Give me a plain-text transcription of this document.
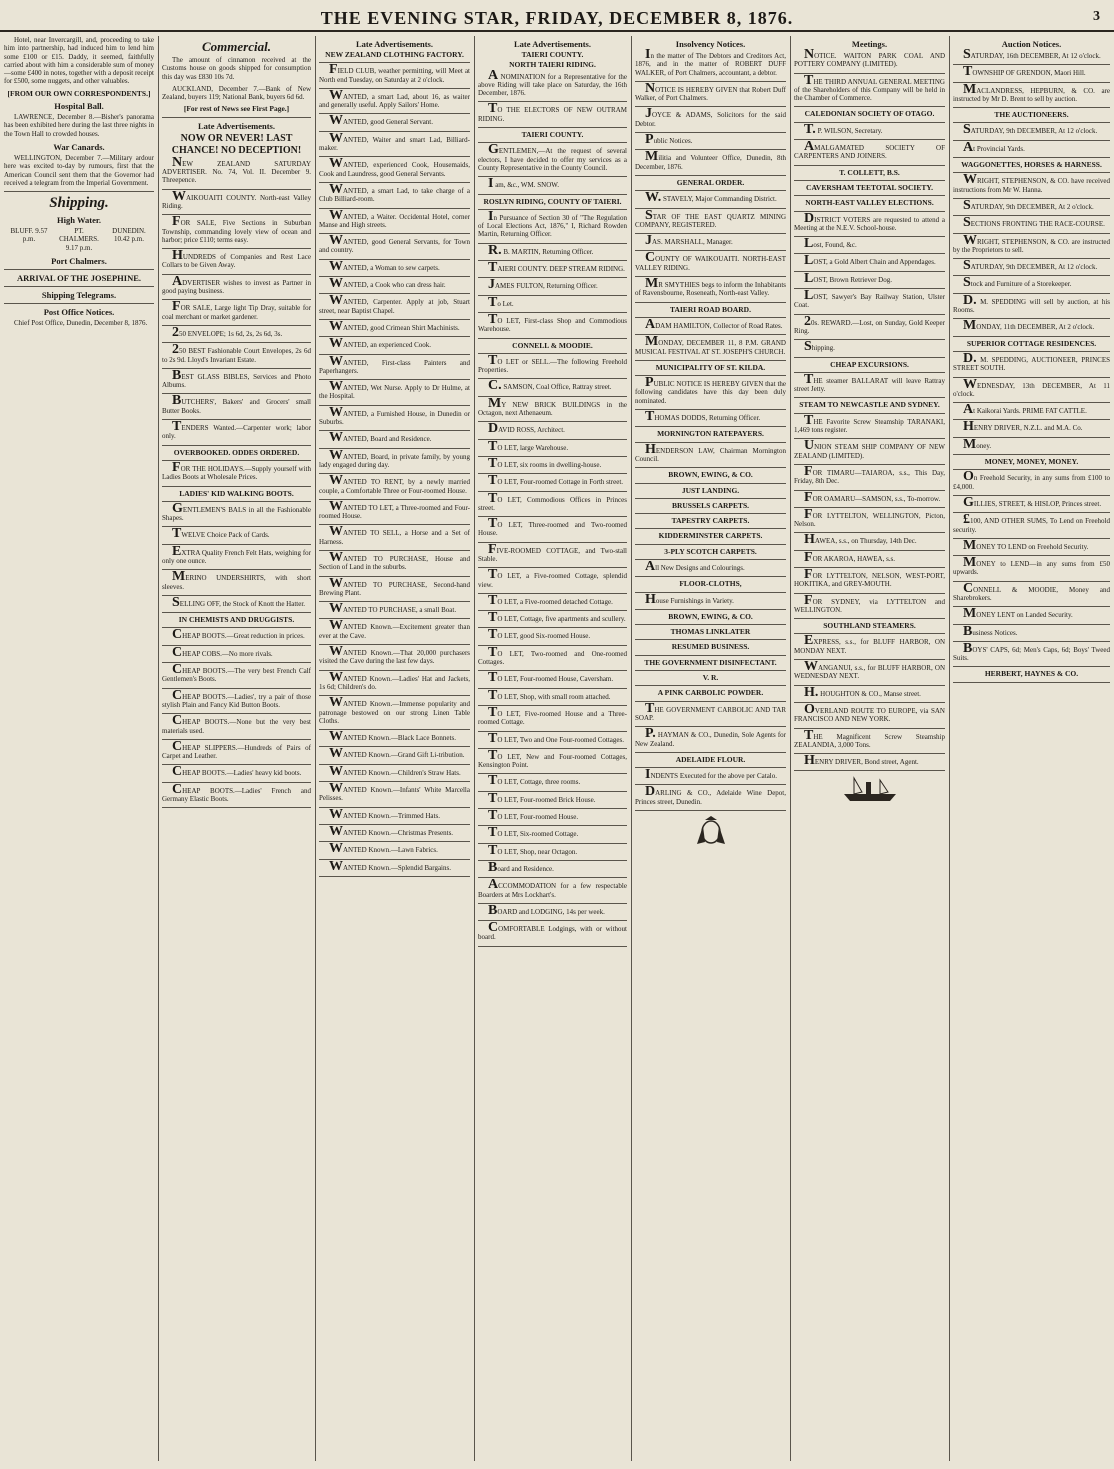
THE EVENING STAR, FRIDAY, DECEMBER 8, 1876.	3
Hotel, near Invercargill, and, proceeding to take him into partnership, had induced him to lend him some £100 or £15. Daddy, it seemed, faithfully carried about with him a considerable sum of money—some £400 in notes, together with a deposit receipt for £500, some nuggets, and other valuables.
[FROM OUR OWN CORRESPONDENTS.]
Hospital Ball.
LAWRENCE, December 8.—Bisher's panorama has been exhibited here during the last three nights in the Town Hall to crowded houses.
War Canards.
WELLINGTON, December 7.—Military ardour here was excited to-day by rumours, first that the American Council sent them that the Governor had received a telegram from the Imperial Government.
Shipping.
High Water.
BLUFF. 9.57 p.m.
PT. CHALMERS. 9.17 p.m.
DUNEDIN. 10.42 p.m.
Port Chalmers.
ARRIVAL OF THE JOSEPHINE.
Shipping Telegrams.
Post Office Notices.
Chief Post Office, Dunedin, December 8, 1876.
Commercial.
The amount of cinnamon received at the Customs house on goods shipped for consumption this day was £830 10s 7d.
AUCKLAND, December 7.—Bank of New Zealand, buyers 119; National Bank, buyers 6d 6d.
[For rest of News see First Page.]
Late Advertisements.
NOW OR NEVER! LAST CHANCE! NO DECEPTION!
NEW ZEALAND SATURDAY ADVERTISER. No. 74, Vol. II. December 9. Threepence.
WAIKOUAITI COUNTY. North-east Valley Riding.
FOR SALE, Five Sections in Suburban Township, commanding lovely view of ocean and harbor; price £110; terms easy.
HUNDREDS of Companies and Rest Lace Collars to be Given Away.
ADVERTISER wishes to invest as Partner in good paying business.
FOR SALE, Large light Tip Dray, suitable for coal merchant or market gardener.
250 ENVELOPE; 1s 6d, 2s, 2s 6d, 3s.
250 BEST Fashionable Court Envelopes, 2s 6d to 2s 9d. Lloyd's Invariant Estate.
BEST GLASS BIBLES, Services and Photo Albums.
BUTCHERS', Bakers' and Grocers' small Butter Books.
TENDERS Wanted.—Carpenter work; labor only.
OVERBOOKED. ODDES ORDERED.
FOR THE HOLIDAYS.—Supply yourself with Ladies Boots at Wholesale Prices.
LADIES' KID WALKING BOOTS.
GENTLEMEN'S BALS in all the Fashionable Shapes.
TWELVE Choice Pack of Cards.
EXTRA Quality French Felt Hats, weighing for only one ounce.
MERINO UNDERSHIRTS, with short sleeves.
SELLING OFF, the Stock of Knott the Hatter.
IN CHEMISTS AND DRUGGISTS.
CHEAP BOOTS.—Great reduction in prices.
CHEAP COBS.—No more rivals.
CHEAP BOOTS.—The very best French Calf Gentlemen's Boots.
CHEAP BOOTS.—Ladies', try a pair of those stylish Plain and Fancy Kid Button Boots.
CHEAP BOOTS.—None but the very best materials used.
CHEAP SLIPPERS.—Hundreds of Pairs of Carpet and Leather.
CHEAP BOOTS.—Ladies' heavy kid boots.
CHEAP BOOTS.—Ladies' French and Germany Elastic Boots.
Late Advertisements.
NEW ZEALAND CLOTHING FACTORY.
FIELD CLUB, weather permitting, will Meet at North end Tuesday, on Saturday at 2 o'clock.
WANTED, a smart Lad, about 16, as waiter and generally useful. Apply Sailors' Home.
WANTED, good General Servant.
WANTED, Waiter and smart Lad, Billiard-maker.
WANTED, experienced Cook, Housemaids, Cook and Laundress, good General Servants.
WANTED, a smart Lad, to take charge of a Club Billiard-room.
WANTED, a Waiter. Occidental Hotel, corner Manse and High streets.
WANTED, good General Servants, for Town and country.
WANTED, a Woman to sew carpets.
WANTED, a Cook who can dress hair.
WANTED, Carpenter. Apply at job, Stuart street, near Baptist Chapel.
WANTED, good Crimean Shirt Machinists.
WANTED, an experienced Cook.
WANTED, First-class Painters and Paperhangers.
WANTED, Wet Nurse. Apply to Dr Hulme, at the Hospital.
WANTED, a Furnished House, in Dunedin or Suburbs.
WANTED, Board and Residence.
WANTED, Board, in private family, by young lady engaged during day.
WANTED TO RENT, by a newly married couple, a Comfortable Three or Four-roomed House.
WANTED TO LET, a Three-roomed and Four-roomed House.
WANTED TO SELL, a Horse and a Set of Harness.
WANTED TO PURCHASE, House and Section of Land in the suburbs.
WANTED TO PURCHASE, Second-hand Brewing Plant.
WANTED TO PURCHASE, a small Boat.
WANTED Known.—Excitement greater than ever at the Cave.
WANTED Known.—That 20,000 purchasers visited the Cave during the last few days.
WANTED Known.—Ladies' Hat and Jackets, 1s 6d; Children's do.
WANTED Known.—Immense popularity and patronage bestowed on our strong Linen Table Cloths.
WANTED Known.—Black Lace Bonnets.
WANTED Known.—Grand Gift Li-tribution.
WANTED Known.—Children's Straw Hats.
WANTED Known.—Infants' White Marcella Pelisses.
WANTED Known.—Trimmed Hats.
WANTED Known.—Christmas Presents.
WANTED Known.—Lawn Fabrics.
WANTED Known.—Splendid Bargains.
Late Advertisements.
TAIERI COUNTY.
NORTH TAIERI RIDING.
A NOMINATION for a Representative for the above Riding will take place on Saturday, the 16th December, 1876.
TO THE ELECTORS OF NEW OUTRAM RIDING.
TAIERI COUNTY.
GENTLEMEN,—At the request of several electors, I have decided to offer my services as a County Representative in the County Council.
I am, &c., WM. SNOW.
ROSLYN RIDING, COUNTY OF TAIERI.
In Pursuance of Section 30 of "The Regulation of Local Elections Act, 1876," I, Richard Rowden Martin, Returning Officer.
R. B. MARTIN, Returning Officer.
TAIERI COUNTY. DEEP STREAM RIDING.
JAMES FULTON, Returning Officer.
To Let.
TO LET, First-class Shop and Commodious Warehouse.
CONNELL & MOODIE.
TO LET or SELL.—The following Freehold Properties.
C. SAMSON, Coal Office, Rattray street.
MY NEW BRICK BUILDINGS in the Octagon, next Athenaeum.
DAVID ROSS, Architect.
TO LET, large Warehouse.
TO LET, six rooms in dwelling-house.
TO LET, Four-roomed Cottage in Forth street.
TO LET, Commodious Offices in Princes street.
TO LET, Three-roomed and Two-roomed House.
FIVE-ROOMED COTTAGE, and Two-stall Stable.
TO LET, a Five-roomed Cottage, splendid view.
TO LET, a Five-roomed detached Cottage.
TO LET, Cottage, five apartments and scullery.
TO LET, good Six-roomed House.
TO LET, Two-roomed and One-roomed Cottages.
TO LET, Four-roomed House, Caversham.
TO LET, Shop, with small room attached.
TO LET, Five-roomed House and a Three-roomed Cottage.
TO LET, Two and One Four-roomed Cottages.
TO LET, New and Four-roomed Cottages, Kensington Point.
TO LET, Cottage, three rooms.
TO LET, Four-roomed Brick House.
TO LET, Four-roomed House.
TO LET, Six-roomed Cottage.
TO LET, Shop, near Octagon.
Board and Residence.
ACCOMMODATION for a few respectable Boarders at Mrs Lockhart's.
BOARD and LODGING, 14s per week.
COMFORTABLE Lodgings, with or without board.
Insolvency Notices.
In the matter of The Debtors and Creditors Act, 1876, and in the matter of ROBERT DUFF WALKER, of Port Chalmers, accountant, a debtor.
NOTICE IS HEREBY GIVEN that Robert Duff Walker, of Port Chalmers.
JOYCE & ADAMS, Solicitors for the said Debtor.
Public Notices.
Militia and Volunteer Office, Dunedin, 8th December, 1876.
GENERAL ORDER.
W. STAVELY, Major Commanding District.
STAR OF THE EAST QUARTZ MINING COMPANY, REGISTERED.
JAS. MARSHALL, Manager.
COUNTY OF WAIKOUAITI. NORTH-EAST VALLEY RIDING.
MR SMYTHIES begs to inform the Inhabitants of Ravensbourne, Roseneath, North-east Valley.
TAIERI ROAD BOARD.
ADAM HAMILTON, Collector of Road Rates.
MONDAY, DECEMBER 11, 8 P.M. GRAND MUSICAL FESTIVAL AT ST. JOSEPH'S CHURCH.
MUNICIPALITY OF ST. KILDA.
PUBLIC NOTICE IS HEREBY GIVEN that the following candidates have this day been duly nominated.
THOMAS DODDS, Returning Officer.
MORNINGTON RATEPAYERS.
HENDERSON LAW, Chairman Mornington Council.
BROWN, EWING, & CO.
JUST LANDING.
BRUSSELS CARPETS.
TAPESTRY CARPETS.
KIDDERMINSTER CARPETS.
3-PLY SCOTCH CARPETS.
All New Designs and Colourings.
FLOOR-CLOTHS,
House Furnishings in Variety.
BROWN, EWING, & CO.
THOMAS LINKLATER
RESUMED BUSINESS.
THE GOVERNMENT DISINFECTANT.
V. R.
A PINK CARBOLIC POWDER.
THE GOVERNMENT CARBOLIC AND TAR SOAP.
P. HAYMAN & CO., Dunedin, Sole Agents for New Zealand.
ADELAIDE FLOUR.
INDENTS Executed for the above per Catalo.
DARLING & CO., Adelaide Wine Depot, Princes street, Dunedin.
Meetings.
NOTICE. WAITON PARK COAL AND POTTERY COMPANY (LIMITED).
THE THIRD ANNUAL GENERAL MEETING of the Shareholders of this Company will be held in the Chamber of Commerce.
CALEDONIAN SOCIETY OF OTAGO.
T. P. WILSON, Secretary.
AMALGAMATED SOCIETY OF CARPENTERS AND JOINERS.
T. COLLETT, B.S.
CAVERSHAM TEETOTAL SOCIETY.
NORTH-EAST VALLEY ELECTIONS.
DISTRICT VOTERS are requested to attend a Meeting at the N.E.V. School-house.
Lost, Found, &c.
LOST, a Gold Albert Chain and Appendages.
LOST, Brown Retriever Dog.
LOST, Sawyer's Bay Railway Station, Ulster Coat.
20s. REWARD.—Lost, on Sunday, Gold Keeper Ring.
Shipping.
CHEAP EXCURSIONS.
THE steamer BALLARAT will leave Rattray street Jetty.
STEAM TO NEWCASTLE AND SYDNEY.
THE Favorite Screw Steamship TARANAKI, 1,469 tons register.
UNION STEAM SHIP COMPANY OF NEW ZEALAND (LIMITED).
FOR TIMARU—TAIAROA, s.s., This Day, Friday, 8th Dec.
FOR OAMARU—SAMSON, s.s., To-morrow.
FOR LYTTELTON, WELLINGTON, Picton, Nelson.
HAWEA, s.s., on Thursday, 14th Dec.
FOR AKAROA, HAWEA, s.s.
FOR LYTTELTON, NELSON, WEST-PORT, HOKITIKA, and GREY-MOUTH.
FOR SYDNEY, via LYTTELTON and WELLINGTON.
SOUTHLAND STEAMERS.
EXPRESS, s.s., for BLUFF HARBOR, ON MONDAY NEXT.
WANGANUI, s.s., for BLUFF HARBOR, ON WEDNESDAY NEXT.
H. HOUGHTON & CO., Manse street.
OVERLAND ROUTE TO EUROPE, via SAN FRANCISCO AND NEW YORK.
THE Magnificent Screw Steamship ZEALANDIA, 3,000 Tons.
HENRY DRIVER, Bond street, Agent.
Auction Notices.
SATURDAY, 16th DECEMBER, At 12 o'clock.
TOWNSHIP OF GRENDON, Maori Hill.
MACLANDRESS, HEPBURN, & CO. are instructed by Mr D. Brent to sell by auction.
THE AUCTIONEERS.
SATURDAY, 9th DECEMBER, At 12 o'clock.
At Provincial Yards.
WAGGONETTES, HORSES & HARNESS.
WRIGHT, STEPHENSON, & CO. have received instructions from Mr W. Hanna.
SATURDAY, 9th DECEMBER, At 2 o'clock.
SECTIONS FRONTING THE RACE-COURSE.
WRIGHT, STEPHENSON, & CO. are instructed by the Proprietors to sell.
SATURDAY, 9th DECEMBER, At 12 o'clock.
Stock and Furniture of a Storekeeper.
D. M. SPEDDING will sell by auction, at his Rooms.
MONDAY, 11th DECEMBER, At 2 o'clock.
SUPERIOR COTTAGE RESIDENCES.
D. M. SPEDDING, AUCTIONEER, PRINCES STREET SOUTH.
WEDNESDAY, 13th DECEMBER, At 11 o'clock.
At Kaikorai Yards. PRIME FAT CATTLE.
HENRY DRIVER, N.Z.L. and M.A. Co.
Money.
MONEY, MONEY, MONEY.
On Freehold Security, in any sums from £100 to £4,000.
GILLIES, STREET, & HISLOP, Princes street.
£100, AND OTHER SUMS, To Lend on Freehold security.
MONEY TO LEND on Freehold Security.
MONEY to LEND—in any sums from £50 upwards.
CONNELL & MOODIE, Money and Sharebrokers.
MONEY LENT on Landed Security.
Business Notices.
BOYS' CAPS, 6d; Men's Caps, 6d; Boys' Tweed Suits.
HERBERT, HAYNES & CO.
